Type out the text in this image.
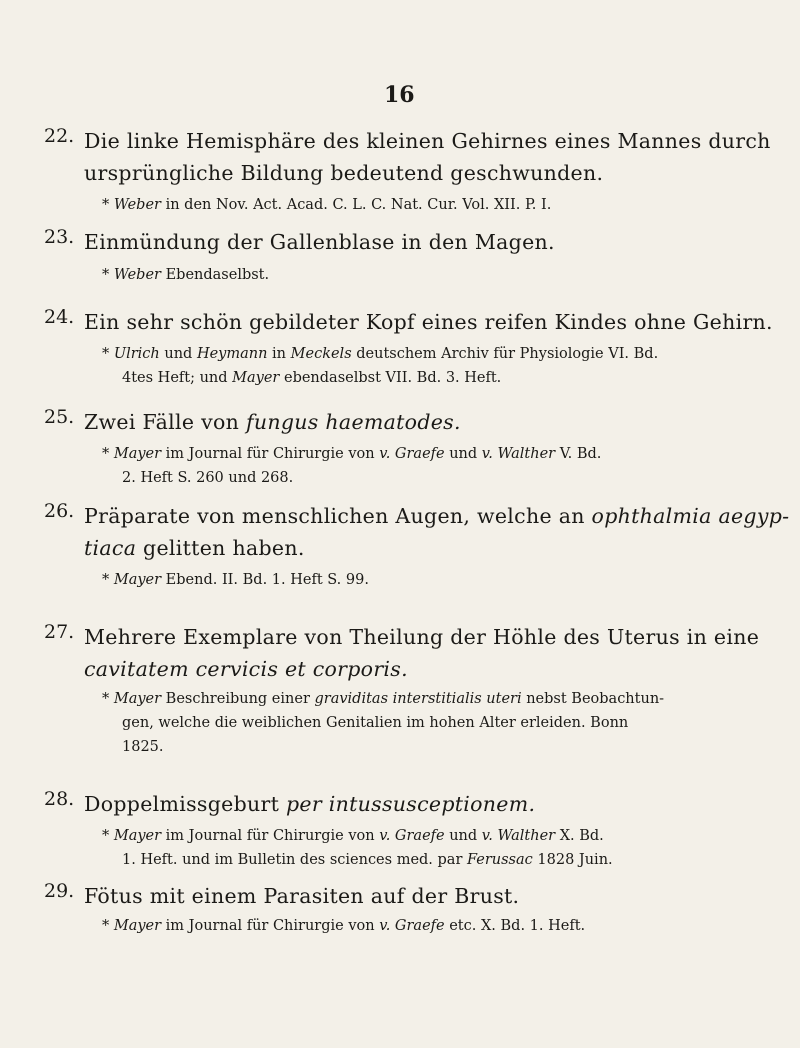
16
22. Die linke Hemisphäre des kleinen Gehirnes eines Mannes durch
ursprüngliche Bildung bedeutend geschwunden.
* Weber in den Nov. Act. Acad. C. L. C. Nat. Cur. Vol. XII. P. I.
23. Einmündung der Gallenblase in den Magen.
* Weber Ebendaselbst.
24. Ein sehr schön gebildeter Kopf eines reifen Kindes ohne Gehirn.
* Ulrich und Heymann in Meckels deutschem Archiv für Physiologie VI. Bd.
4tes Heft; und Mayer ebendaselbst VII. Bd. 3. Heft.
25. Zwei Fälle von fungus haematodes.
* Mayer im Journal für Chirurgie von v. Graefe und v. Walther V. Bd.
2. Heft S. 260 und 268.
26. Präparate von menschlichen Augen, welche an ophthalmia aegyp-
tiaca gelitten haben.
* Mayer Ebend. II. Bd. 1. Heft S. 99.
27. Mehrere Exemplare von Theilung der Höhle des Uterus in eine
cavitatem cervicis et corporis.
* Mayer Beschreibung einer graviditas interstitialis uteri nebst Beobachtun-
gen, welche die weiblichen Genitalien im hohen Alter erleiden. Bonn
1825.
28. Doppelmissgeburt per intussusceptionem.
* Mayer im Journal für Chirurgie von v. Graefe und v. Walther X. Bd.
1. Heft. und im Bulletin des sciences med. par Ferussac 1828 Juin.
29. Fötus mit einem Parasiten auf der Brust.
* Mayer im Journal für Chirurgie von v. Graefe etc. X. Bd. 1. Heft.
